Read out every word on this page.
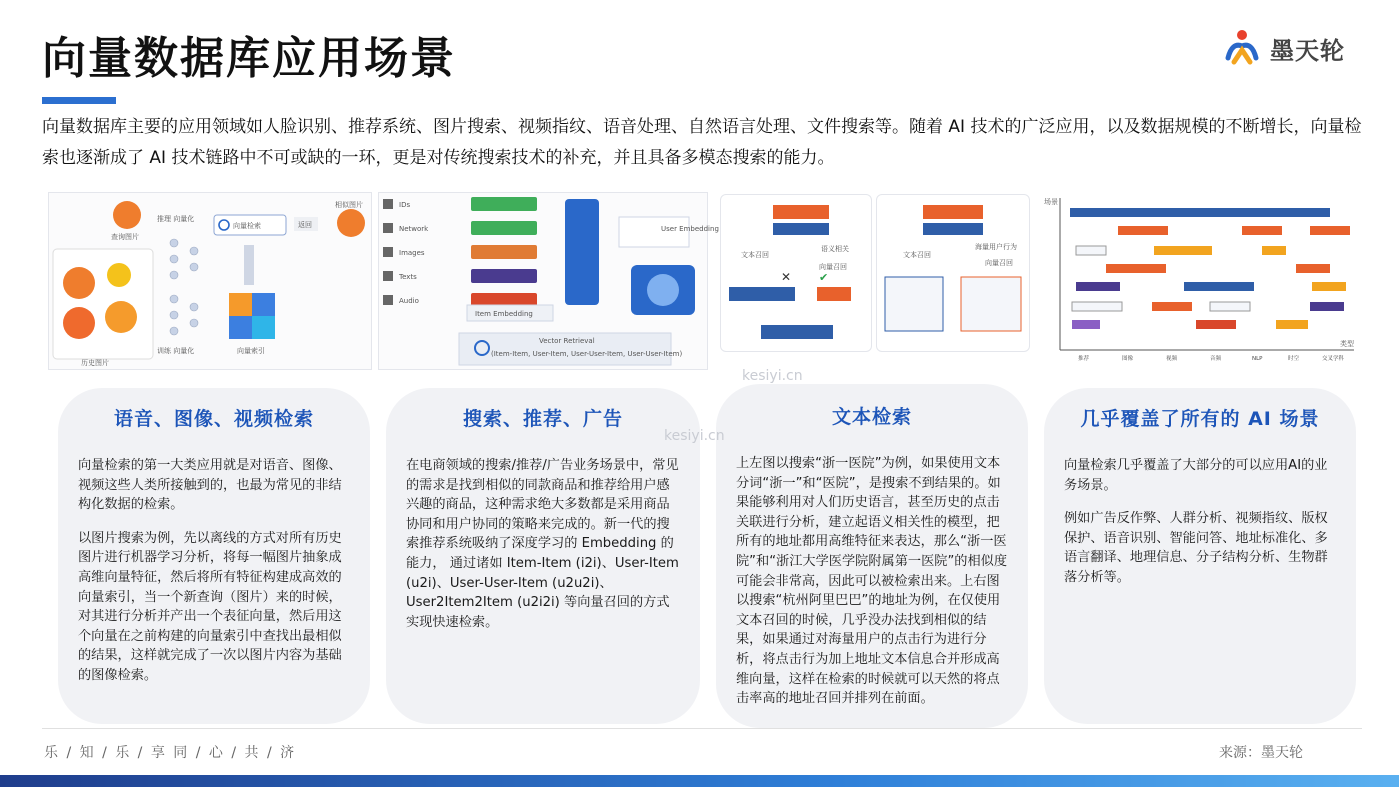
向量数据库应用场景	墨天轮
向量数据库主要的应用领域如人脸识别、推荐系统、图片搜索、视频指纹、语音处理、自然语言处理、文件搜索等。随着 AI 技术的广泛应用，以及数据规模的不断增长，向量检索也逐渐成了 AI 技术链路中不可或缺的一环，更是对传统搜索技术的补充，并且具备多模态搜索的能力。
查询图片
相似图片
历史图片
推理 向量化
训练 向量化
向量检索	返回
向量索引
IDs
Network
Images
Texts
Audio
Item Embedding
User Embedding
Vector Retrieval
(Item-Item, User-Item, User-User-Item, User-User-Item)
文本召回
语义相关
向量召回
✕	✔
文本召回
海量用户行为
向量召回
场景
类型
推荐	图像	视频	音频	NLP	时空	交叉学科
kesiyi.cn
语音、图像、视频检索

向量检索的第一大类应用就是对语音、图像、视频这些人类所接触到的，也最为常见的非结构化数据的检索。

以图片搜索为例，先以离线的方式对所有历史图片进行机器学习分析，将每一幅图片抽象成高维向量特征，然后将所有特征构建成高效的向量索引，当一个新查询（图片）来的时候，对其进行分析并产出一个表征向量，然后用这个向量在之前构建的向量索引中查找出最相似的结果，这样就完成了一次以图片内容为基础的图像检索。

搜索、推荐、广告

在电商领域的搜索/推荐/广告业务场景中，常见的需求是找到相似的同款商品和推荐给用户感兴趣的商品，这种需求绝大多数都是采用商品协同和用户协同的策略来完成的。新一代的搜索推荐系统吸纳了深度学习的 Embedding 的能力， 通过诸如 Item-Item (i2i)、User-Item (u2i)、User-User-Item (u2u2i)、User2Item2Item (u2i2i) 等向量召回的方式实现快速检索。

文本检索

上左图以搜索“浙一医院”为例，如果使用文本分词“浙一”和“医院”，是搜索不到结果的。如果能够利用对人们历史语言，甚至历史的点击关联进行分析，建立起语义相关性的模型，把所有的地址都用高维特征来表达，那么“浙一医院”和“浙江大学医学院附属第一医院”的相似度可能会非常高，因此可以被检索出来。上右图以搜索“杭州阿里巴巴”的地址为例，在仅使用文本召回的时候，几乎没办法找到相似的结果，如果通过对海量用户的点击行为进行分析，将点击行为加上地址文本信息合并形成高维向量，这样在检索的时候就可以天然的将点击率高的地址召回并排列在前面。

几乎覆盖了所有的 AI 场景

向量检索几乎覆盖了大部分的可以应用AI的业务场景。

例如广告反作弊、人群分析、视频指纹、版权保护、语音识别、智能问答、地址标准化、多语言翻译、地理信息、分子结构分析、生物群落分析等。

kesiyi.cn
乐 / 知 / 乐 / 享 同 / 心 / 共 / 济	来源：墨天轮
